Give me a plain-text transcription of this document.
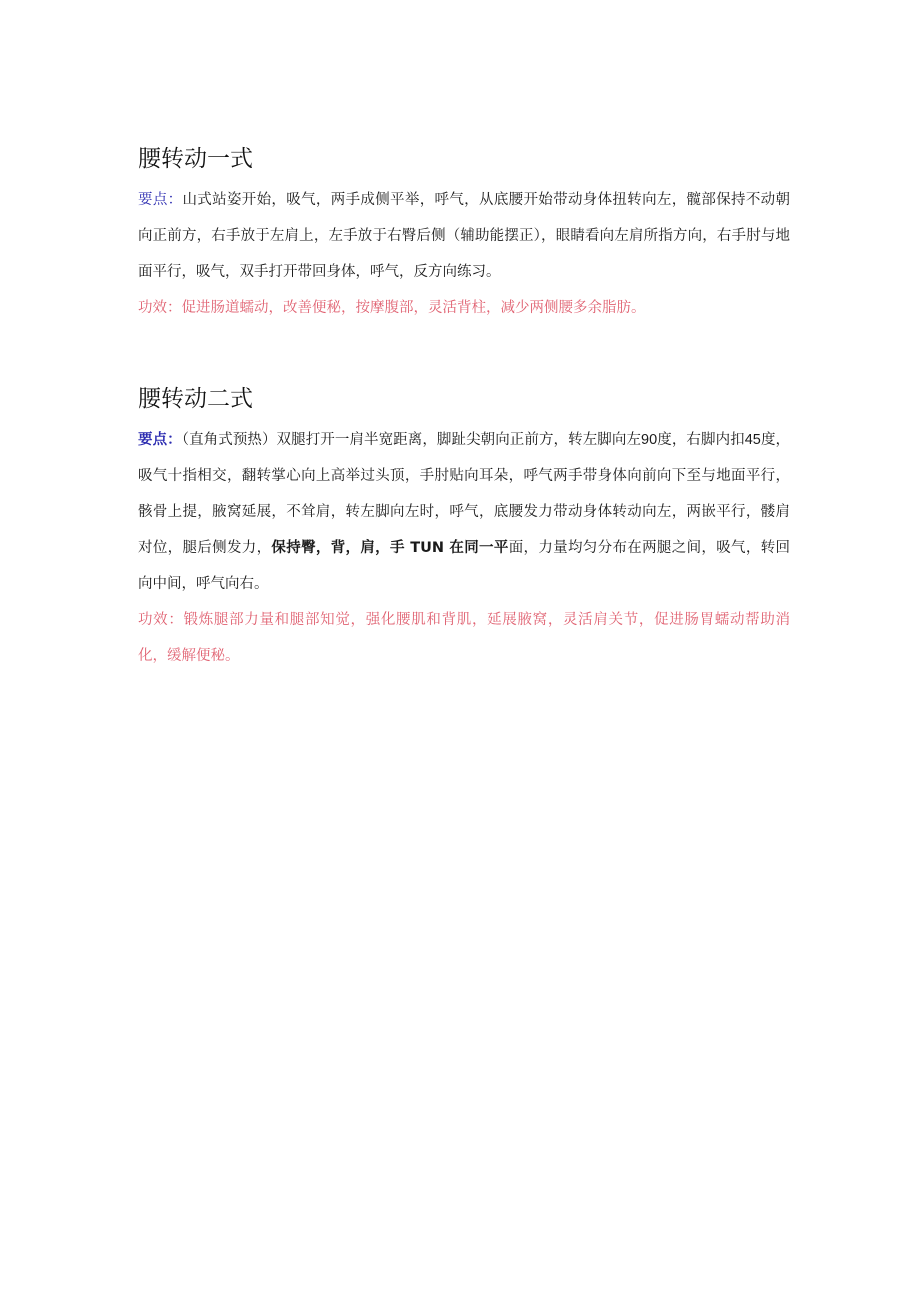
腰转动一式

要点：山式站姿开始，吸气，两手成侧平举，呼气，从底腰开始带动身体扭转向左，髋部保持不动朝向正前方，右手放于左肩上，左手放于右臀后侧（辅助能摆正），眼睛看向左肩所指方向，右手肘与地面平行，吸气，双手打开带回身体，呼气，反方向练习。

功效：促进肠道蠕动，改善便秘，按摩腹部，灵活背柱，减少两侧腰多余脂肪。

腰转动二式

要点：（直角式预热）双腿打开一肩半宽距离，脚趾尖朝向正前方，转左脚向左90度，右脚内扣45度，吸气十指相交，翻转掌心向上高举过头顶，手肘贴向耳朵，呼气两手带身体向前向下至与地面平行，骸骨上提，腋窝延展，不耸肩，转左脚向左时，呼气，底腰发力带动身体转动向左，两嵌平行，髅肩对位，腿后侧发力，保持臀，背，肩，手 TUN 在同一平面，力量均匀分布在两腿之间，吸气，转回向中间，呼气向右。

功效：锻炼腿部力量和腿部知觉，强化腰肌和背肌，延展腋窝，灵活肩关节，促进肠胃蠕动帮助消化，缓解便秘。
